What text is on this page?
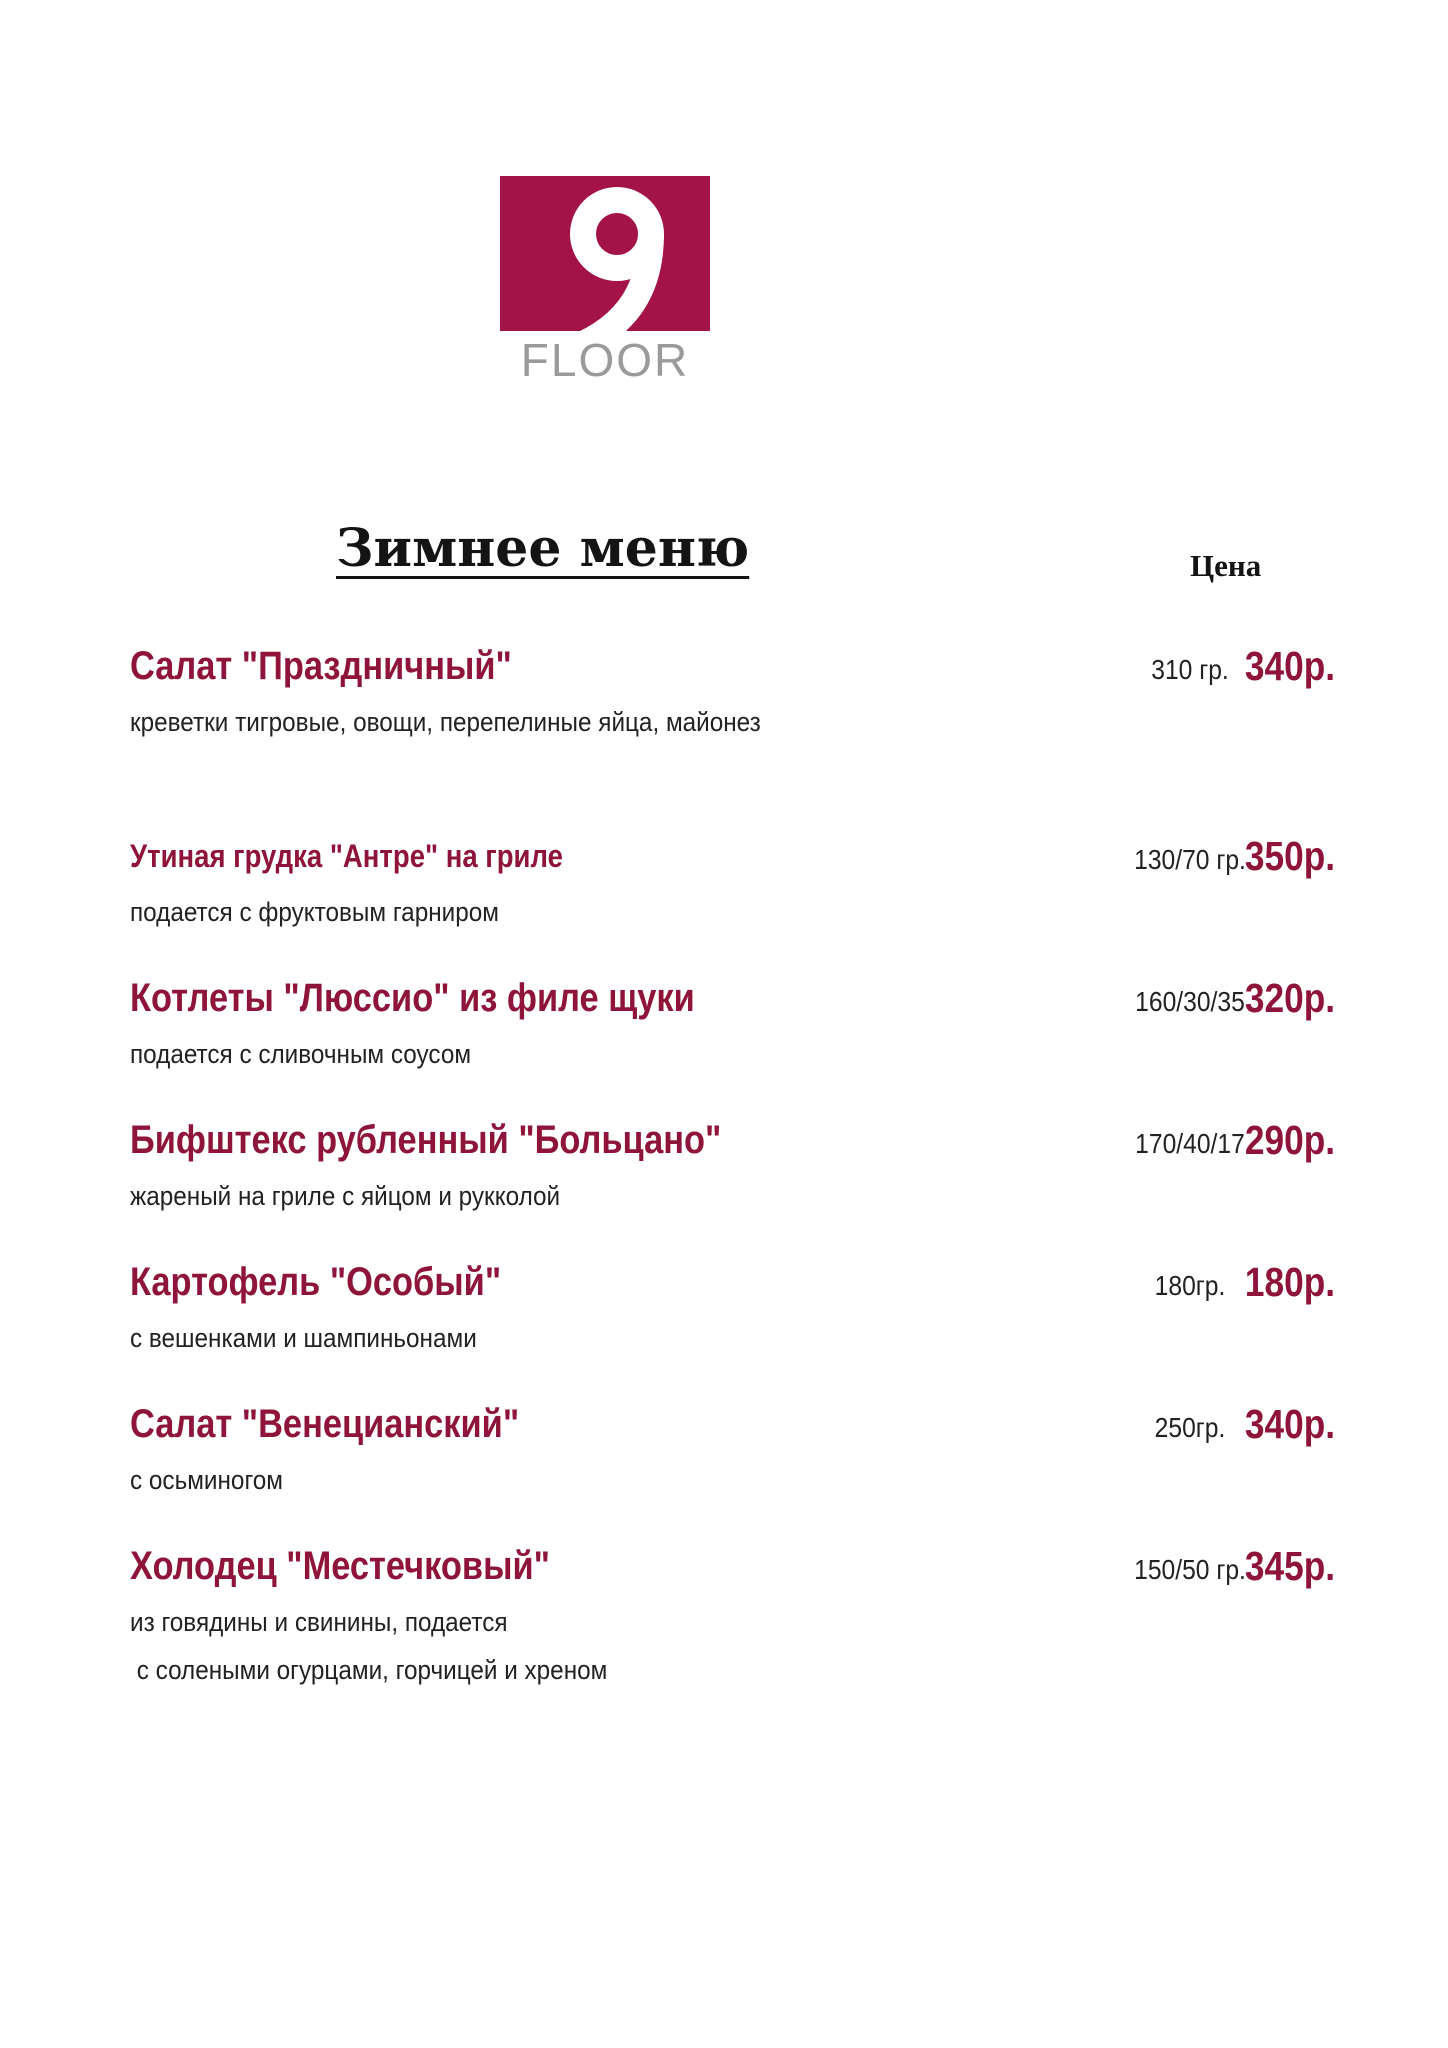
FLOOR
Зимнее меню	Цена
Салат "Праздничный"	310 гр. 340р.
креветки тигровые, овощи, перепелиные яйца, майонез
Утиная грудка "Антре" на гриле	130/70 гр. 350р.
подается с фруктовым гарниром
Котлеты "Люссио" из филе щуки	160/30/35 320р.
подается с сливочным соусом
Бифштекс рубленный "Больцано"	170/40/17 290р.
жареный на гриле с яйцом и рукколой
Картофель "Особый"	180гр. 180р.
с вешенками и шампиньонами
Салат "Венецианский"	250гр. 340р.
с осьминогом
Холодец "Местечковый"	150/50 гр. 345р.
из говядины и свинины, подается
с солеными огурцами, горчицей и хреном
